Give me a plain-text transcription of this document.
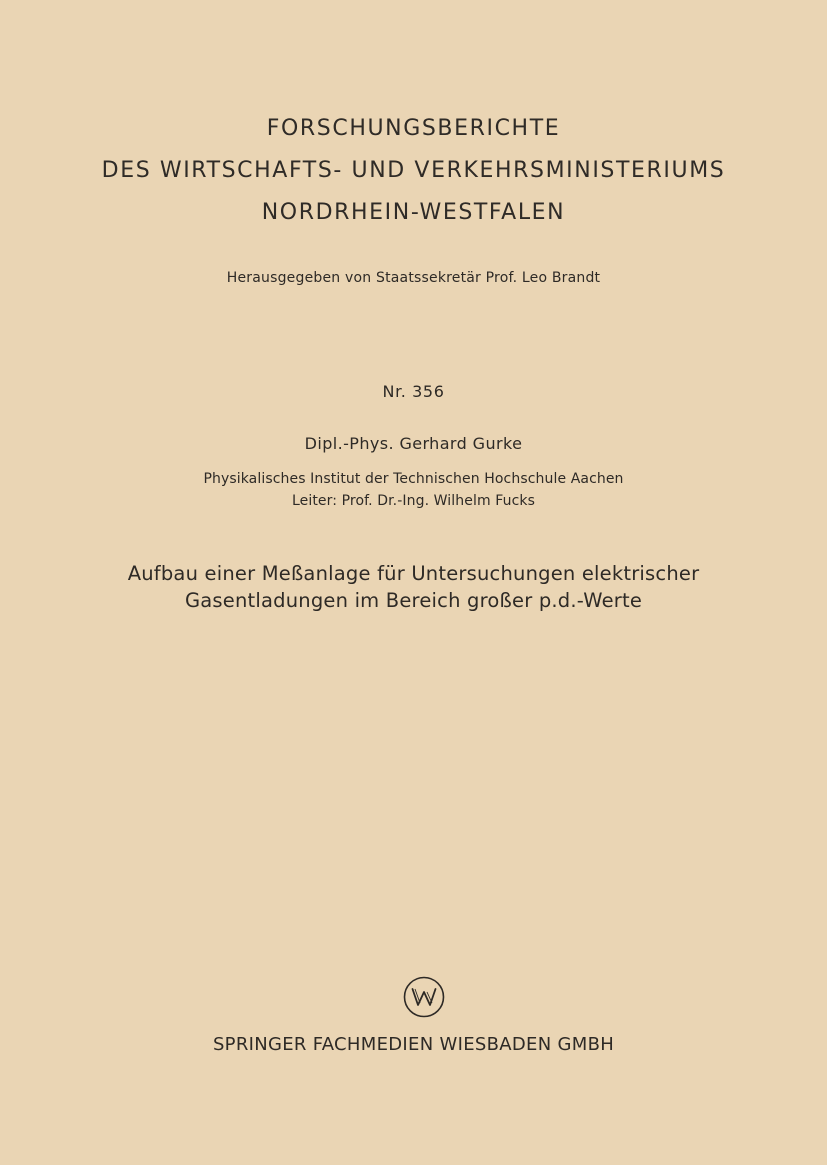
FORSCHUNGSBERICHTE
DES WIRTSCHAFTS- UND VERKEHRSMINISTERIUMS
NORDRHEIN-WESTFALEN
Herausgegeben von Staatssekretär Prof. Leo Brandt
Nr. 356
Dipl.-Phys. Gerhard Gurke
Physikalisches Institut der Technischen Hochschule Aachen
Leiter: Prof. Dr.-Ing. Wilhelm Fucks
Aufbau einer Meßanlage für Untersuchungen elektrischer
Gasentladungen im Bereich großer p.d.-Werte
SPRINGER FACHMEDIEN WIESBADEN GMBH
